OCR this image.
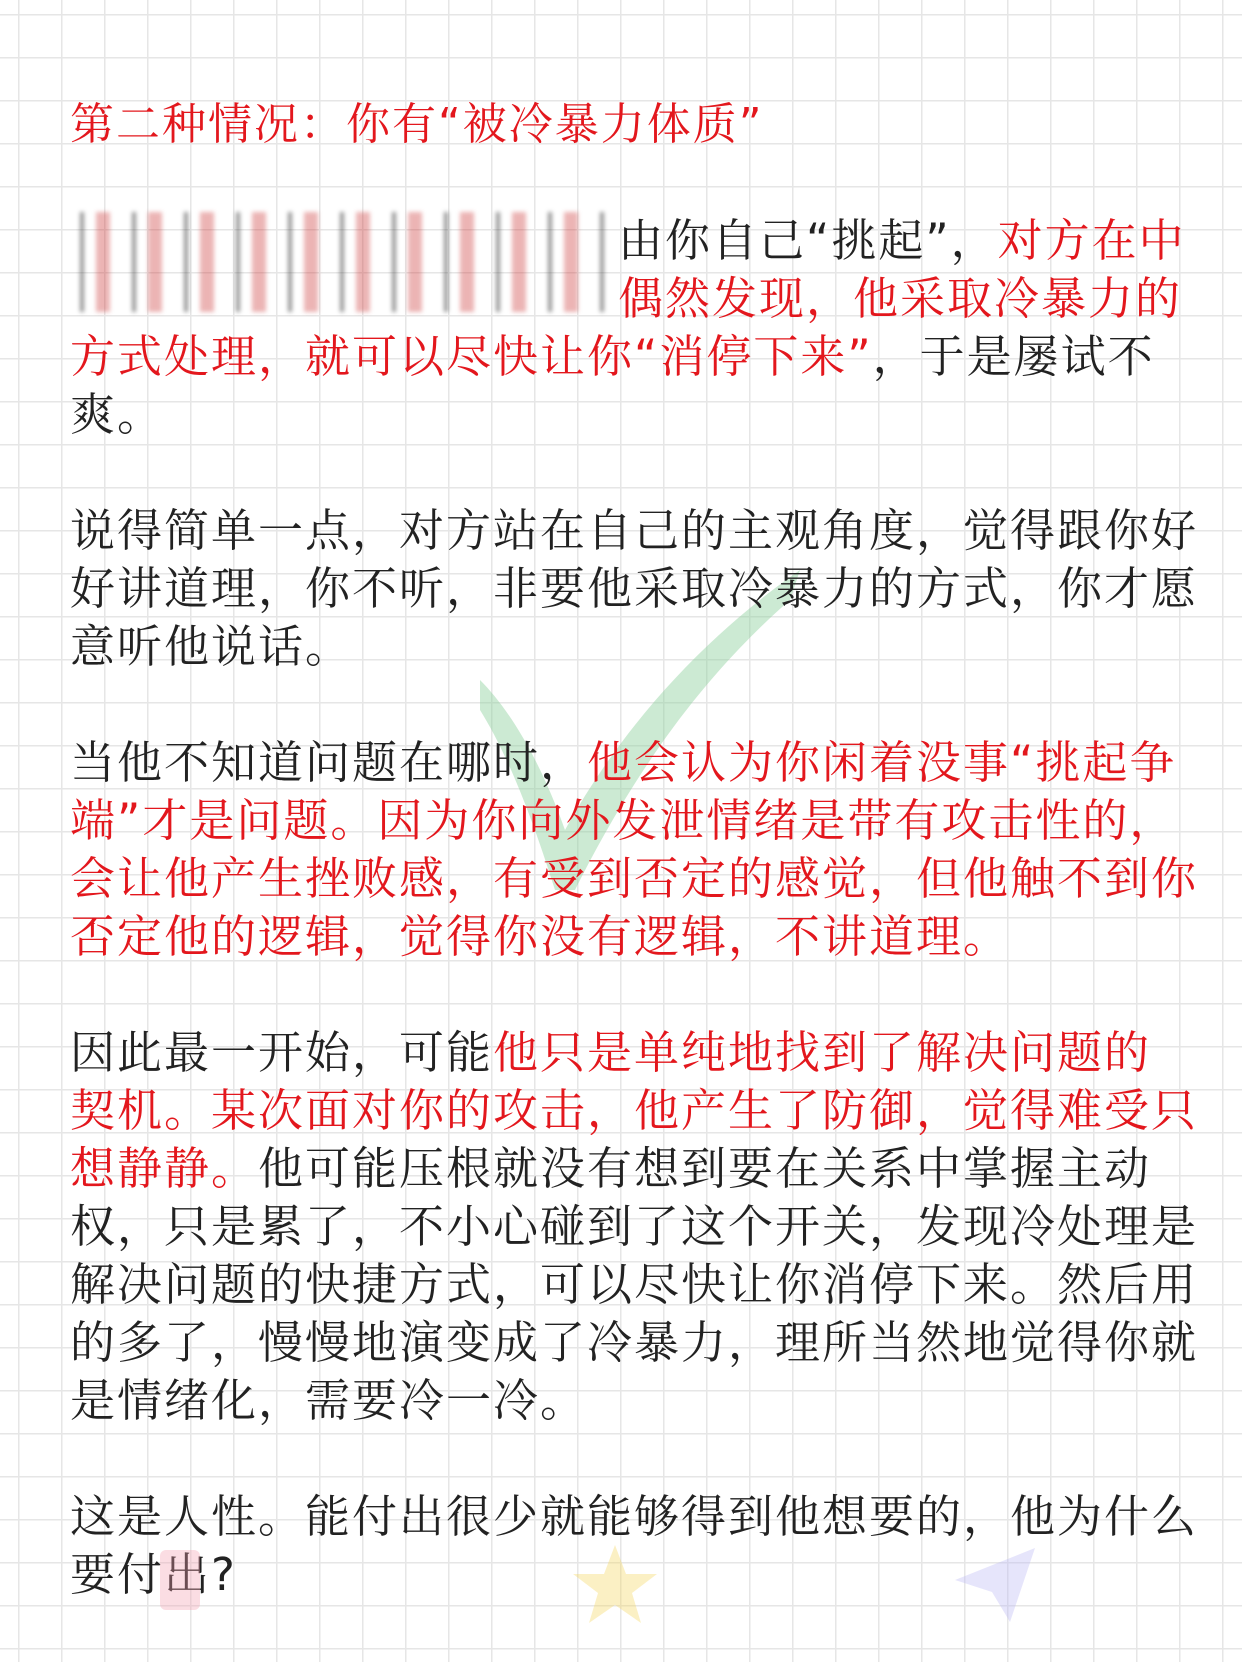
第二种情况：你有“被冷暴力体质”

由你自己“挑起”，对方在中偶然发现，他采取冷暴力的方式处理，就可以尽快让你“消停下来”，于是屡试不爽。

说得简单一点，对方站在自己的主观角度，觉得跟你好好讲道理，你不听，非要他采取冷暴力的方式，你才愿意听他说话。

当他不知道问题在哪时，他会认为你闲着没事“挑起争端”才是问题。因为你向外发泄情绪是带有攻击性的，会让他产生挫败感，有受到否定的感觉，但他触不到你否定他的逻辑，觉得你没有逻辑，不讲道理。

因此最一开始，可能他只是单纯地找到了解决问题的契机。某次面对你的攻击，他产生了防御，觉得难受只想静静。他可能压根就没有想到要在关系中掌握主动权，只是累了，不小心碰到了这个开关，发现冷处理是解决问题的快捷方式，可以尽快让你消停下来。然后用的多了，慢慢地演变成了冷暴力，理所当然地觉得你就是情绪化，需要冷一冷。

这是人性。能付出很少就能够得到他想要的，他为什么要付出?
